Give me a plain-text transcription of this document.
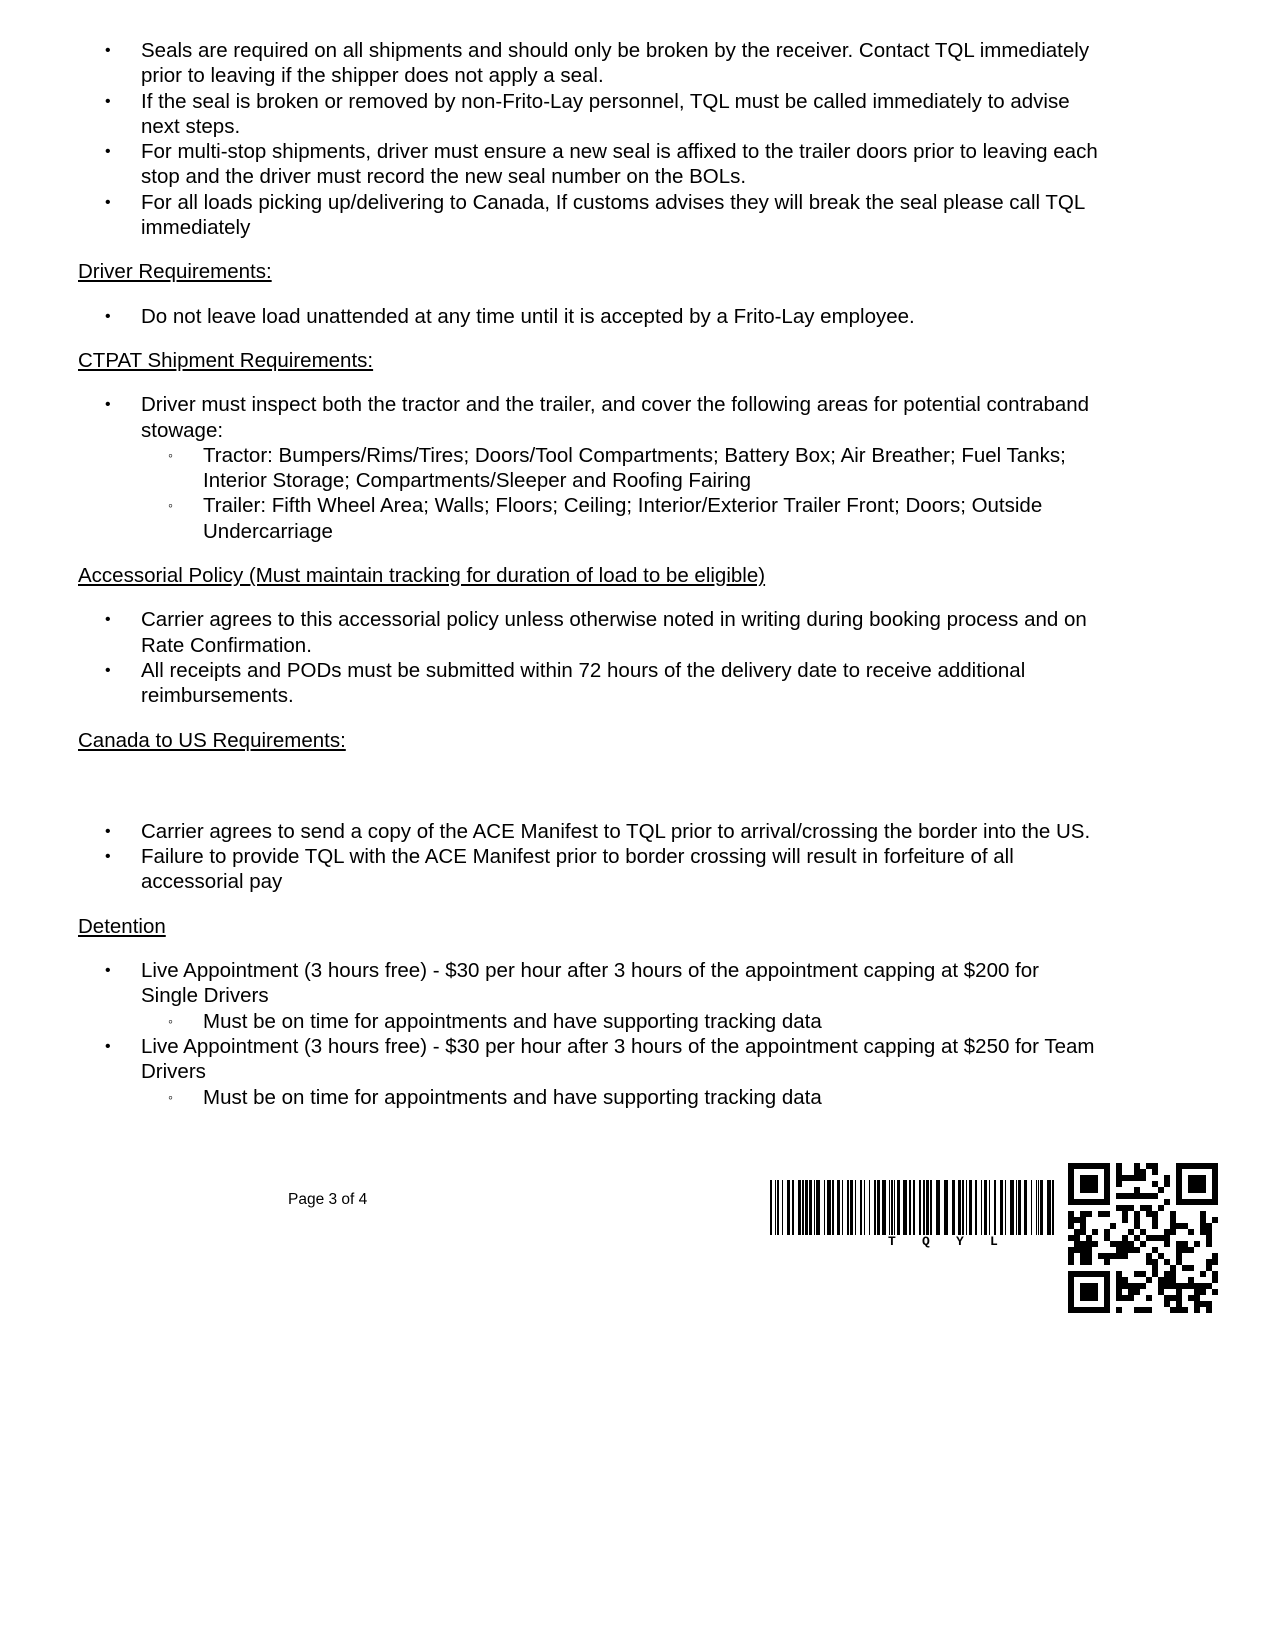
• Seals are required on all shipments and should only be broken by the receiver. Contact TQL immediately prior to leaving if the shipper does not apply a seal.
• If the seal is broken or removed by non-Frito-Lay personnel, TQL must be called immediately to advise next steps.
• For multi-stop shipments, driver must ensure a new seal is affixed to the trailer doors prior to leaving each stop and the driver must record the new seal number on the BOLs.
• For all loads picking up/delivering to Canada, If customs advises they will break the seal please call TQL immediately

Driver Requirements:

• Do not leave load unattended at any time until it is accepted by a Frito-Lay employee.

CTPAT Shipment Requirements:

• Driver must inspect both the tractor and the trailer, and cover the following areas for potential contraband stowage:
◦ Tractor: Bumpers/Rims/Tires; Doors/Tool Compartments; Battery Box; Air Breather; Fuel Tanks; Interior Storage; Compartments/Sleeper and Roofing Fairing
◦ Trailer: Fifth Wheel Area; Walls; Floors; Ceiling; Interior/Exterior Trailer Front; Doors; Outside Undercarriage

Accessorial Policy (Must maintain tracking for duration of load to be eligible)

• Carrier agrees to this accessorial policy unless otherwise noted in writing during booking process and on Rate Confirmation.
• All receipts and PODs must be submitted within 72 hours of the delivery date to receive additional reimbursements.

Canada to US Requirements:

• Carrier agrees to send a copy of the ACE Manifest to TQL prior to arrival/crossing the border into the US.
• Failure to provide TQL with the ACE Manifest prior to border crossing will result in forfeiture of all accessorial pay

Detention

• Live Appointment (3 hours free) - $30 per hour after 3 hours of the appointment capping at $200 for Single Drivers
◦ Must be on time for appointments and have supporting tracking data
• Live Appointment (3 hours free) - $30 per hour after 3 hours of the appointment capping at $250 for Team Drivers
◦ Must be on time for appointments and have supporting tracking data
Page 3 of 4
T Q Y L
